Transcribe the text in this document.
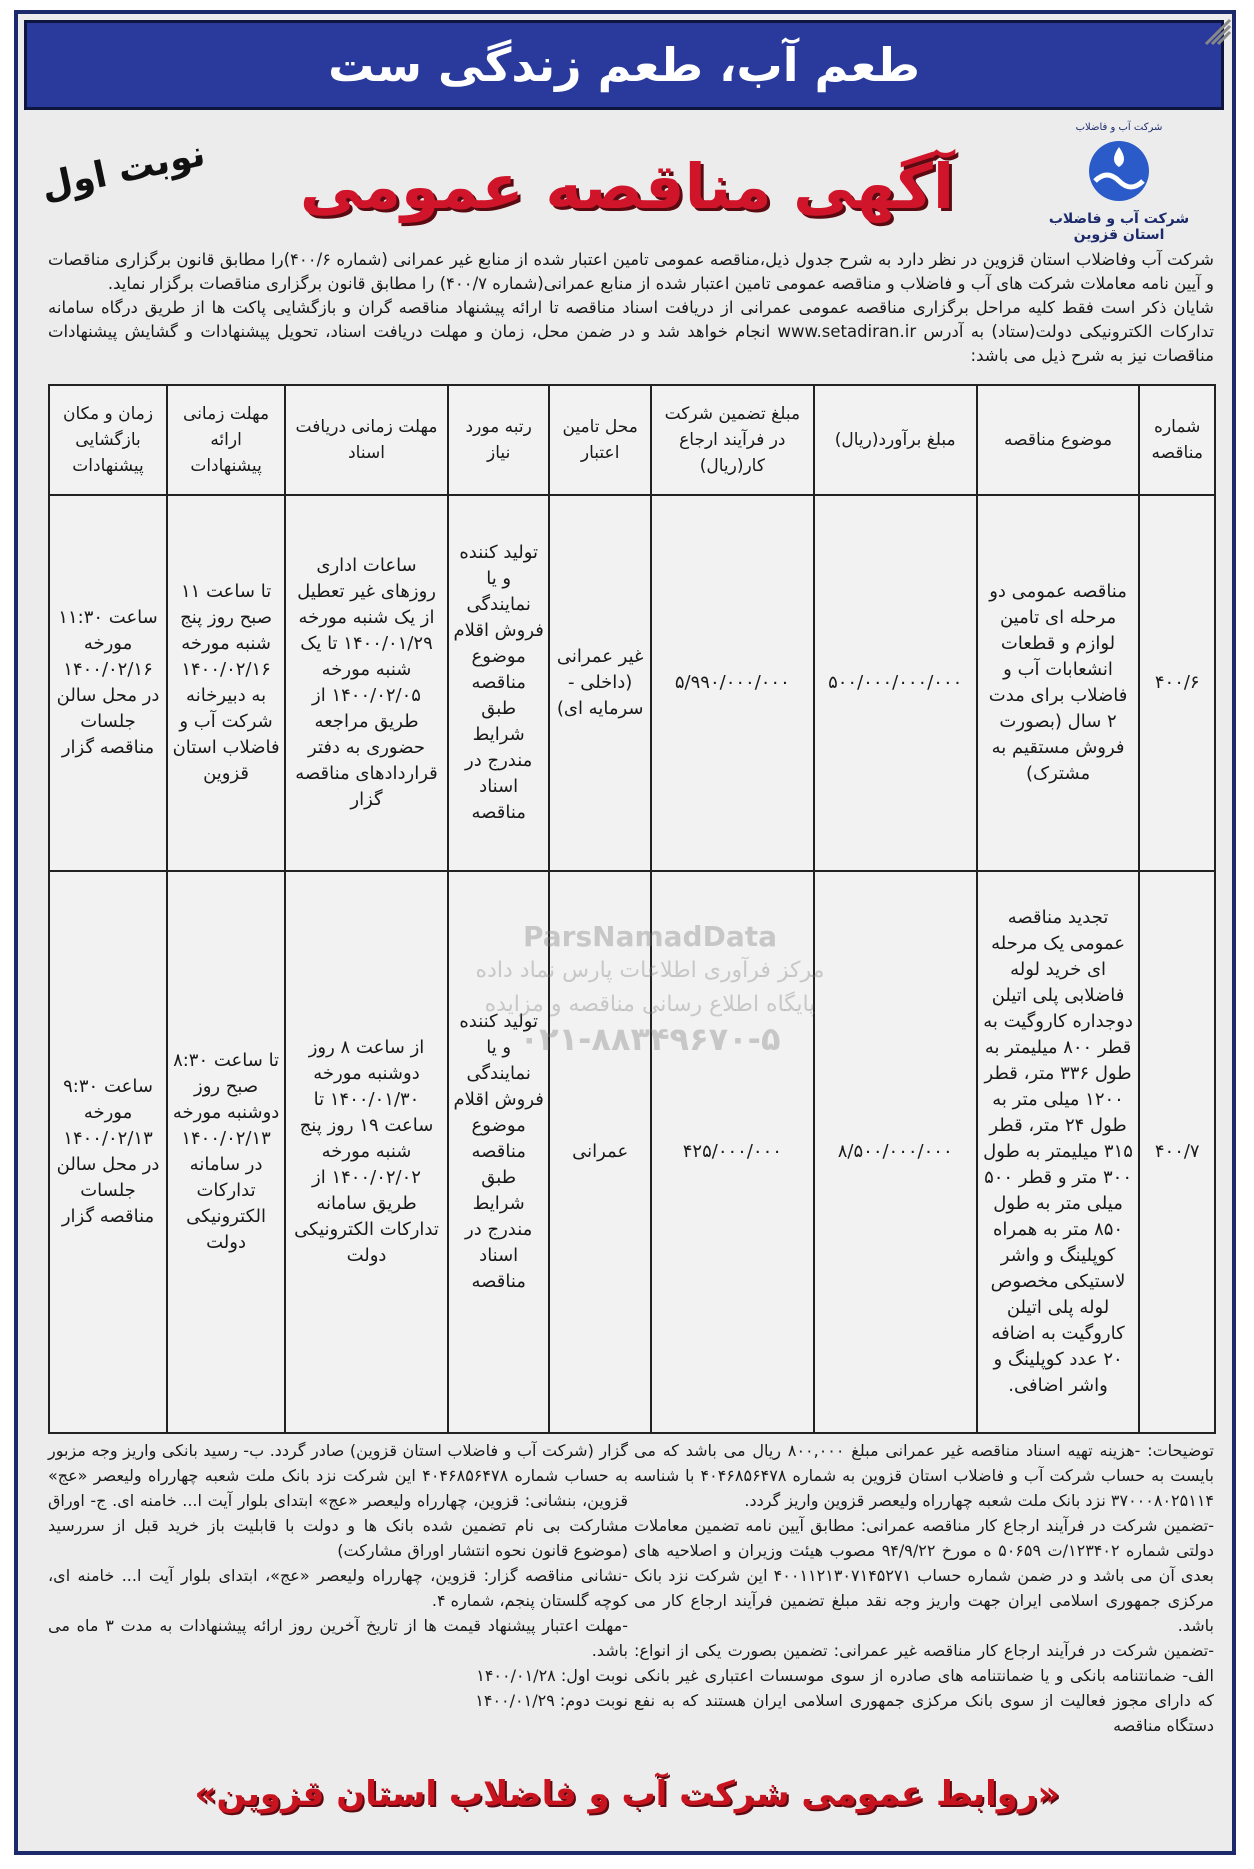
طعم آب، طعم زندگی ست
شرکت آب و فاضلاب
شرکت آب و فاضلاب استان قزوین
آگهی مناقصه عمومی
نوبت اول
شرکت آب وفاضلاب استان قزوین در نظر دارد به شرح جدول ذیل،مناقصه عمومی تامین اعتبار شده از منابع غیر عمرانی (شماره ۴۰۰/۶)را مطابق قانون برگزاری مناقصات و آیین نامه معاملات شرکت های آب و فاضلاب و مناقصه عمومی تامین اعتبار شده از منابع عمرانی(شماره ۴۰۰/۷) را مطابق قانون برگزاری مناقصات برگزار نماید.
شایان ذکر است فقط کلیه مراحل برگزاری مناقصه عمومی عمرانی از دریافت اسناد مناقصه تا ارائه پیشنهاد مناقصه گران و بازگشایی پاکت ها از طریق درگاه سامانه تدارکات الکترونیکی دولت(ستاد) به آدرس www.setadiran.ir انجام خواهد شد و در ضمن محل، زمان و مهلت دریافت اسناد، تحویل پیشنهادات و گشایش پیشنهادات مناقصات نیز به شرح ذیل می باشد:
شماره مناقصه	موضوع مناقصه	مبلغ برآورد(ریال)	مبلغ تضمین شرکت در فرآیند ارجاع کار(ریال)	محل تامین اعتبار	رتبه مورد نیاز	مهلت زمانی دریافت اسناد	مهلت زمانی ارائه پیشنهادات	زمان و مکان بازگشایی پیشنهادات
۴۰۰/۶	مناقصه عمومی دو مرحله ای تامین لوازم و قطعات انشعابات آب و فاضلاب برای مدت ۲ سال (بصورت فروش مستقیم به مشترک)	۵۰۰/۰۰۰/۰۰۰/۰۰۰	۵/۹۹۰/۰۰۰/۰۰۰	غیر عمرانی (داخلی - سرمایه ای)	تولید کننده و یا نمایندگی فروش اقلام موضوع مناقصه طبق شرایط مندرج در اسناد مناقصه	ساعات اداری روزهای غیر تعطیل از یک شنبه مورخه ۱۴۰۰/۰۱/۲۹ تا یک شنبه مورخه ۱۴۰۰/۰۲/۰۵ از طریق مراجعه حضوری به دفتر قراردادهای مناقصه گزار	تا ساعت ۱۱ صبح روز پنج شنبه مورخه ۱۴۰۰/۰۲/۱۶ به دبیرخانه شرکت آب و فاضلاب استان قزوین	ساعت ۱۱:۳۰ مورخه ۱۴۰۰/۰۲/۱۶ در محل سالن جلسات مناقصه گزار
۴۰۰/۷	تجدید مناقصه عمومی یک مرحله ای خرید لوله فاضلابی پلی اتیلن دوجداره کاروگیت به قطر ۸۰۰ میلیمتر به طول ۳۳۶ متر، قطر ۱۲۰۰ میلی متر به طول ۲۴ متر، قطر ۳۱۵ میلیمتر به طول ۳۰۰ متر و قطر ۵۰۰ میلی متر به طول ۸۵۰ متر به همراه کوپلینگ و واشر لاستیکی مخصوص لوله پلی اتیلن کاروگیت به اضافه ۲۰ عدد کوپلینگ و واشر اضافی.	۸/۵۰۰/۰۰۰/۰۰۰	۴۲۵/۰۰۰/۰۰۰	عمرانی	تولید کننده و یا نمایندگی فروش اقلام موضوع مناقصه طبق شرایط مندرج در اسناد مناقصه	از ساعت ۸ روز دوشنبه مورخه ۱۴۰۰/۰۱/۳۰ تا ساعت ۱۹ روز پنج شنبه مورخه ۱۴۰۰/۰۲/۰۲ از طریق سامانه تدارکات الکترونیکی دولت	تا ساعت ۸:۳۰ صبح روز دوشنبه مورخه ۱۴۰۰/۰۲/۱۳ در سامانه تدارکات الکترونیکی دولت	ساعت ۹:۳۰ مورخه ۱۴۰۰/۰۲/۱۳ در محل سالن جلسات مناقصه گزار
ParsNamadData
مرکز فرآوری اطلاعات پارس نماد داده
پایگاه اطلاع رسانی مناقصه و مزایده
۰۲۱-۸۸۳۴۹۶۷۰-۵

توضیحات: -هزینه تهیه اسناد مناقصه غیر عمرانی مبلغ ۸۰۰,۰۰۰ ریال می باشد که می بایست به حساب شرکت آب و فاضلاب استان قزوین به شماره ۴۰۴۶۸۵۶۴۷۸ با شناسه ۳۷۰۰۰۸۰۲۵۱۱۴ نزد بانک ملت شعبه چهارراه ولیعصر قزوین واریز گردد.

-تضمین شرکت در فرآیند ارجاع کار مناقصه عمرانی: مطابق آیین نامه تضمین معاملات دولتی شماره ۱۲۳۴۰۲/ت ۵۰۶۵۹ ه مورخ ۹۴/۹/۲۲ مصوب هیئت وزیران و اصلاحیه های بعدی آن می باشد و در ضمن شماره حساب ۴۰۰۱۱۲۱۳۰۷۱۴۵۲۷۱ این شرکت نزد بانک مرکزی جمهوری اسلامی ایران جهت واریز وجه نقد مبلغ تضمین فرآیند ارجاع کار می باشد.

-تضمین شرکت در فرآیند ارجاع کار مناقصه غیر عمرانی: تضمین بصورت یکی از انواع: الف- ضمانتنامه بانکی و یا ضمانتنامه های صادره از سوی موسسات اعتباری غیر بانکی که دارای مجوز فعالیت از سوی بانک مرکزی جمهوری اسلامی ایران هستند که به نفع دستگاه مناقصه

گزار (شرکت آب و فاضلاب استان قزوین) صادر گردد. ب- رسید بانکی واریز وجه مزبور به حساب شماره ۴۰۴۶۸۵۶۴۷۸ این شرکت نزد بانک ملت شعبه چهارراه ولیعصر «عج» قزوین، بنشانی: قزوین، چهارراه ولیعصر «عج» ابتدای بلوار آیت ا... خامنه ای. ج- اوراق مشارکت بی نام تضمین شده بانک ها و دولت با قابلیت باز خرید قبل از سررسید (موضوع قانون نحوه انتشار اوراق مشارکت)

-نشانی مناقصه گزار: قزوین، چهارراه ولیعصر «عج»، ابتدای بلوار آیت ا... خامنه ای، کوچه گلستان پنجم، شماره ۴.

-مهلت اعتبار پیشنهاد قیمت ها از تاریخ آخرین روز ارائه پیشنهادات به مدت ۳ ماه می باشد.

نوبت اول: ۱۴۰۰/۰۱/۲۸

نوبت دوم: ۱۴۰۰/۰۱/۲۹

«روابط عمومی شرکت آب و فاضلاب استان قزوین»
